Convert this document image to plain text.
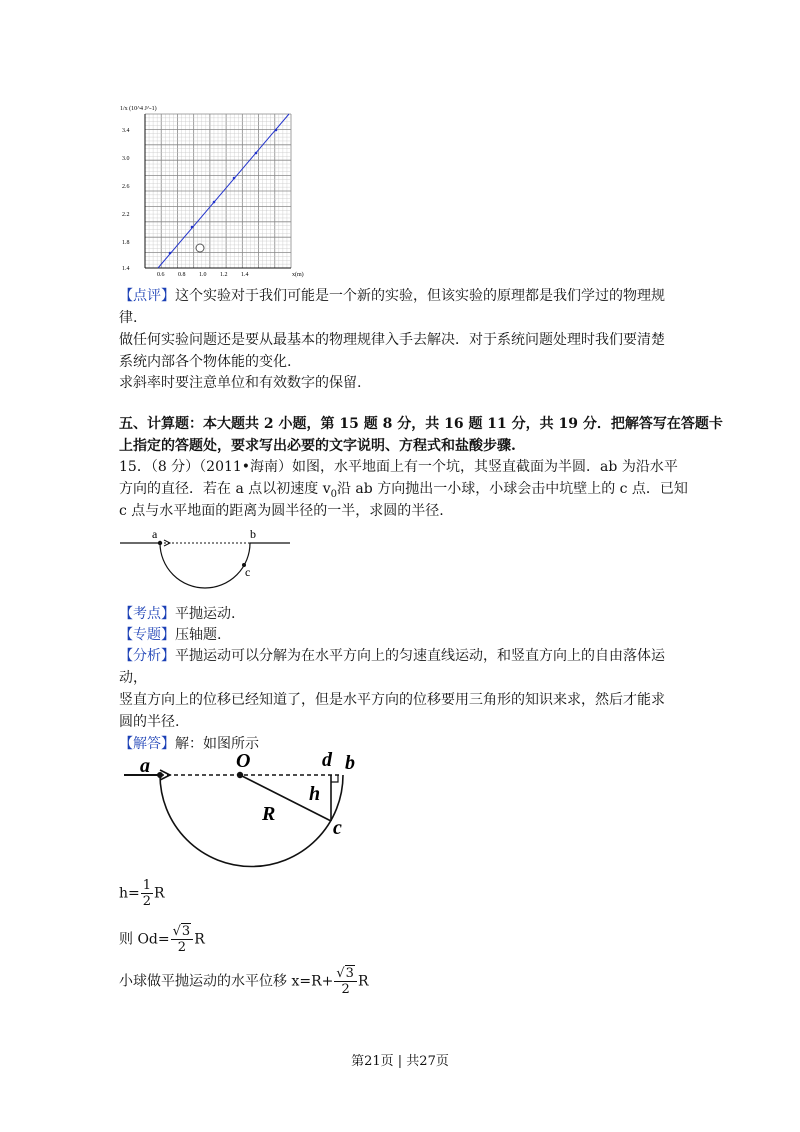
1/x (10^4 J^-1)
3.4
3.0
2.6
2.2
1.8
1.4
0.6 0.8 1.0 1.2 1.4	x(m)
【点评】这个实验对于我们可能是一个新的实验，但该实验的原理都是我们学过的物理规
律.
做任何实验问题还是要从最基本的物理规律入手去解决．对于系统问题处理时我们要清楚
系统内部各个物体能的变化.
求斜率时要注意单位和有效数字的保留.
五、计算题：本大题共 2 小题，第 15 题 8 分，共 16 题 11 分，共 19 分．把解答写在答题卡
上指定的答题处，要求写出必要的文字说明、方程式和盐酸步骤.
15．（8 分）（2011•海南）如图，水平地面上有一个坑，其竖直截面为半圆．ab 为沿水平
方向的直径．若在 a 点以初速度 $v_0$沿 ab 方向抛出一小球，小球会击中坑壁上的 c 点．已知
c 点与水平地面的距离为圆半径的一半，求圆的半径.
a	b
c
【考点】平抛运动.
【专题】压轴题.
【分析】平抛运动可以分解为在水平方向上的匀速直线运动，和竖直方向上的自由落体运
动，
竖直方向上的位移已经知道了，但是水平方向的位移要用三角形的知识来求，然后才能求
圆的半径.
【解答】解：如图所示
a	O	d b
h
R
c
$h= \frac{1}{2}$ R
则 $Od= \frac{√3}{2}$ R
小球做平抛运动的水平位移 $x=R+ \frac{√3}{2}$ R
第21页 | 共27页
